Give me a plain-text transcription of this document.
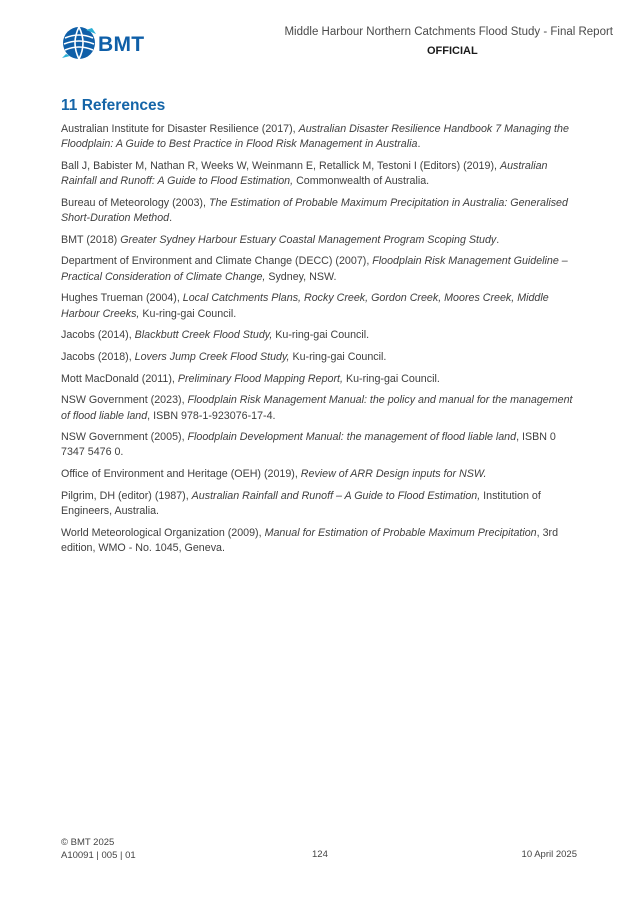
BMT
Middle Harbour Northern Catchments Flood Study - Final Report
OFFICIAL
11 References

Australian Institute for Disaster Resilience (2017), Australian Disaster Resilience Handbook 7 Managing the Floodplain: A Guide to Best Practice in Flood Risk Management in Australia.

Ball J, Babister M, Nathan R, Weeks W, Weinmann E, Retallick M, Testoni I (Editors) (2019), Australian Rainfall and Runoff: A Guide to Flood Estimation, Commonwealth of Australia.

Bureau of Meteorology (2003), The Estimation of Probable Maximum Precipitation in Australia: Generalised Short-Duration Method.

BMT (2018) Greater Sydney Harbour Estuary Coastal Management Program Scoping Study.

Department of Environment and Climate Change (DECC) (2007), Floodplain Risk Management Guideline – Practical Consideration of Climate Change, Sydney, NSW.

Hughes Trueman (2004), Local Catchments Plans, Rocky Creek, Gordon Creek, Moores Creek, Middle Harbour Creeks, Ku-ring-gai Council.

Jacobs (2014), Blackbutt Creek Flood Study, Ku-ring-gai Council.

Jacobs (2018), Lovers Jump Creek Flood Study, Ku-ring-gai Council.

Mott MacDonald (2011), Preliminary Flood Mapping Report, Ku-ring-gai Council.

NSW Government (2023), Floodplain Risk Management Manual: the policy and manual for the management of flood liable land, ISBN 978-1-923076-17-4.

NSW Government (2005), Floodplain Development Manual: the management of flood liable land, ISBN 0 7347 5476 0.

Office of Environment and Heritage (OEH) (2019), Review of ARR Design inputs for NSW.

Pilgrim, DH (editor) (1987), Australian Rainfall and Runoff – A Guide to Flood Estimation, Institution of Engineers, Australia.

World Meteorological Organization (2009), Manual for Estimation of Probable Maximum Precipitation, 3rd edition, WMO - No. 1045, Geneva.

© BMT 2025
A10091 | 005 | 01	124	10 April 2025
